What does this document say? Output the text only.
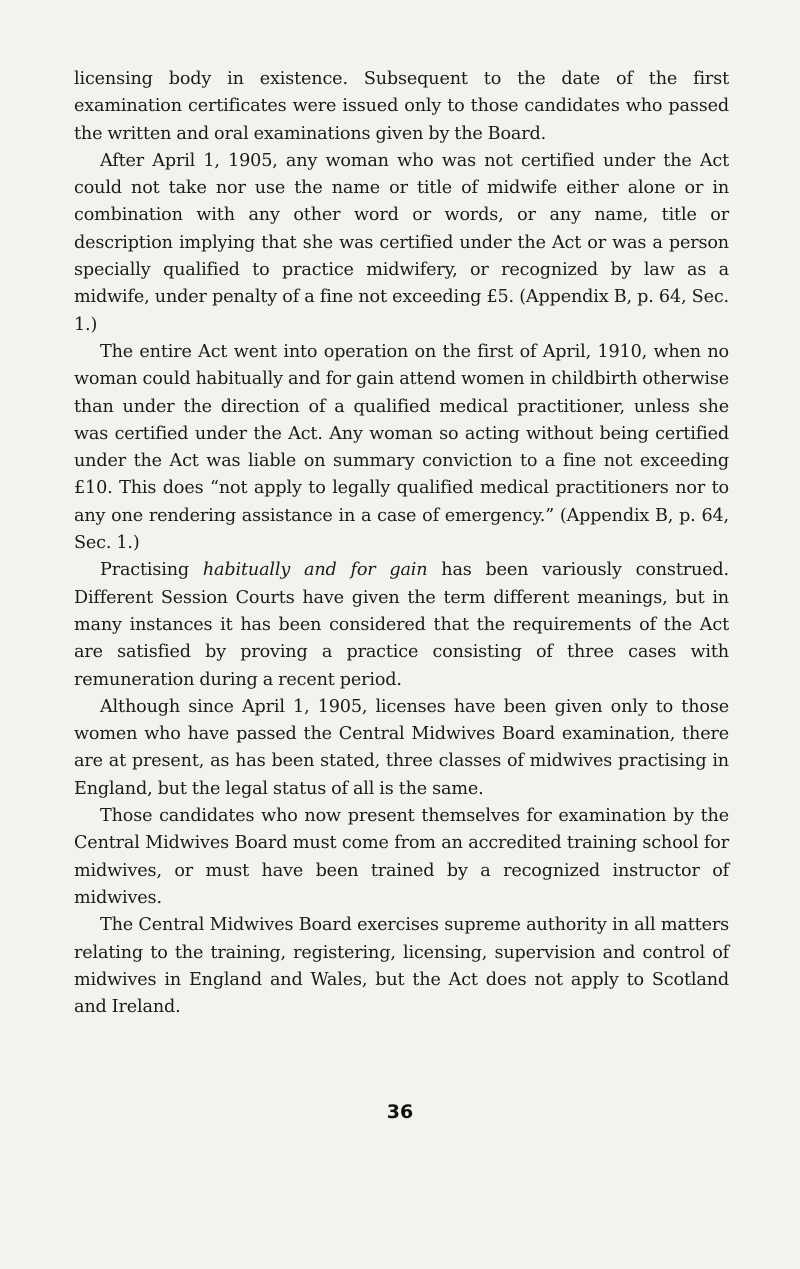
licensing body in existence. Subsequent to the date of the first examination certificates were issued only to those candidates who passed the written and oral examinations given by the Board.

After April 1, 1905, any woman who was not certified under the Act could not take nor use the name or title of midwife either alone or in combination with any other word or words, or any name, title or description implying that she was certified under the Act or was a person specially qualified to practice midwifery, or recognized by law as a midwife, under penalty of a fine not exceeding £5. (Appendix B, p. 64, Sec. 1.)

The entire Act went into operation on the first of April, 1910, when no woman could habitually and for gain attend women in childbirth otherwise than under the direction of a qualified medical practitioner, unless she was certified under the Act. Any woman so acting without being certified under the Act was liable on summary conviction to a fine not exceeding £10. This does “not apply to legally qualified medical practitioners nor to any one rendering assistance in a case of emergency.” (Appendix B, p. 64, Sec. 1.)

Practising habitually and for gain has been variously construed. Different Session Courts have given the term different meanings, but in many instances it has been considered that the requirements of the Act are satisfied by proving a practice consisting of three cases with remuneration during a recent period.

Although since April 1, 1905, licenses have been given only to those women who have passed the Central Midwives Board examination, there are at present, as has been stated, three classes of midwives practising in England, but the legal status of all is the same.

Those candidates who now present themselves for examination by the Central Midwives Board must come from an accredited training school for midwives, or must have been trained by a recognized instructor of midwives.

The Central Midwives Board exercises supreme authority in all matters relating to the training, registering, licensing, supervision and control of midwives in England and Wales, but the Act does not apply to Scotland and Ireland.

36
